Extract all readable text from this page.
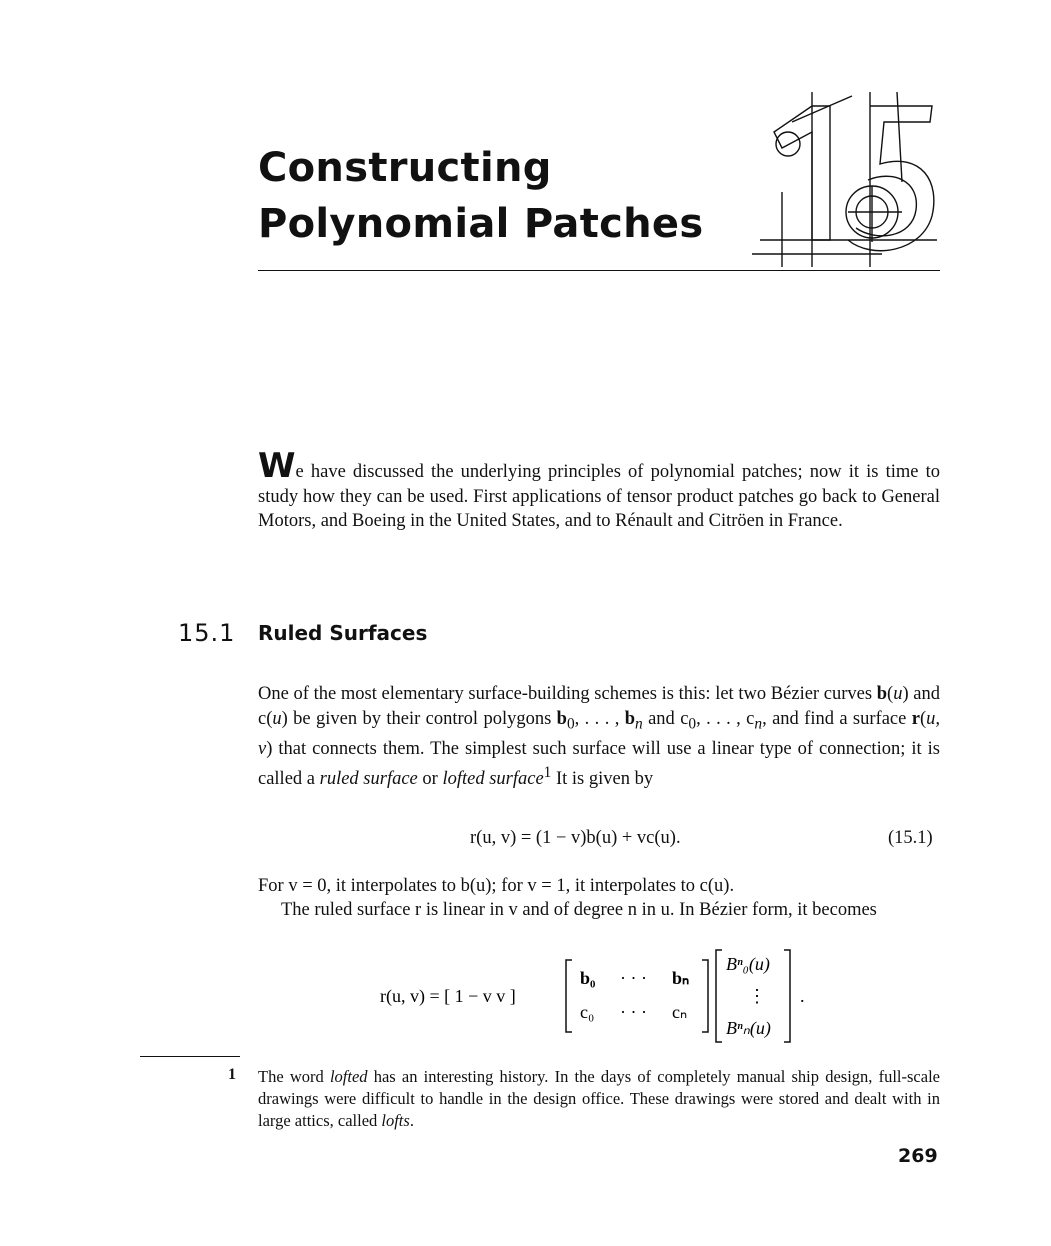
Constructing
Polynomial Patches

We have discussed the underlying principles of polynomial patches; now it is time to study how they can be used. First applications of tensor product patches go back to General Motors, and Boeing in the United States, and to Rénault and Citröen in France.

15.1 Ruled Surfaces

One of the most elementary surface-building schemes is this: let two Bézier curves b(u) and c(u) be given by their control polygons $b_0$, . . . , $b_n$ and $c_0$, . . . , $c_n$, and find a surface r(u, v) that connects them. The simplest such surface will use a linear type of connection; it is called a ruled surface or lofted surface$^1$ It is given by

r(u, v) = (1 − v)b(u) + vc(u).	(15.1)

For v = 0, it interpolates to b(u); for v = 1, it interpolates to c(u).

The ruled surface r is linear in v and of degree n in u. In Bézier form, it becomes

r(u, v) = [ 1 − v v ]
b₀ · · · bₙ
c₀ · · · cₙ
Bⁿ₀(u)
⋮
Bⁿₙ(u)
.
1 The word lofted has an interesting history. In the days of completely manual ship design, full-scale drawings were difficult to handle in the design office. These drawings were stored and dealt with in large attics, called lofts.

269
